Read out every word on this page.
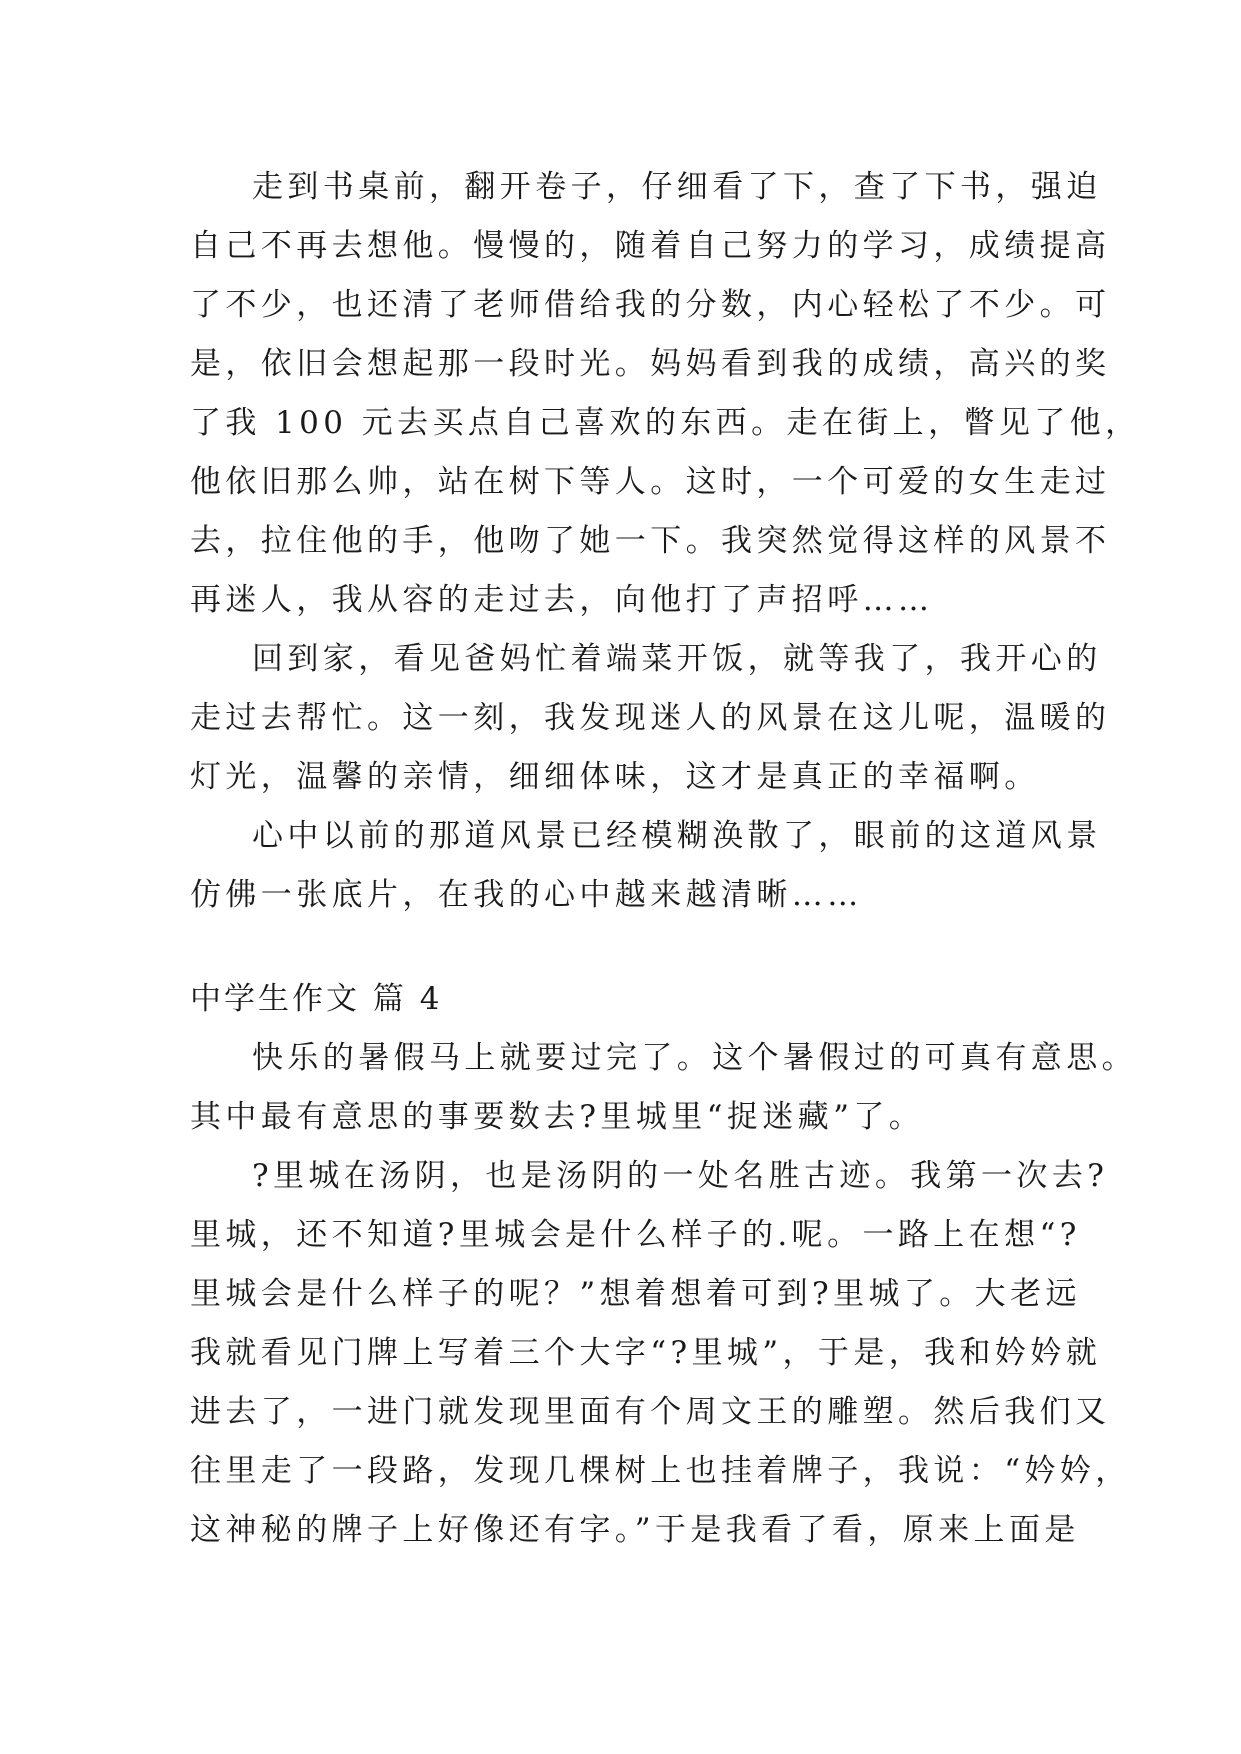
走到书桌前，翻开卷子，仔细看了下，查了下书，强迫
自己不再去想他。慢慢的，随着自己努力的学习，成绩提高
了不少，也还清了老师借给我的分数，内心轻松了不少。可
是，依旧会想起那一段时光。妈妈看到我的成绩，高兴的奖
了我 100 元去买点自己喜欢的东西。走在街上，瞥见了他，
他依旧那么帅，站在树下等人。这时，一个可爱的女生走过
去，拉住他的手，他吻了她一下。我突然觉得这样的风景不
再迷人，我从容的走过去，向他打了声招呼……
回到家，看见爸妈忙着端菜开饭，就等我了，我开心的
走过去帮忙。这一刻，我发现迷人的风景在这儿呢，温暖的
灯光，温馨的亲情，细细体味，这才是真正的幸福啊。
心中以前的那道风景已经模糊涣散了，眼前的这道风景
仿佛一张底片，在我的心中越来越清晰……
中学生作文 篇 4
快乐的暑假马上就要过完了。这个暑假过的可真有意思。
其中最有意思的事要数去?里城里“捉迷藏”了。
?里城在汤阴，也是汤阴的一处名胜古迹。我第一次去?
里城，还不知道?里城会是什么样子的.呢。一路上在想“?
里城会是什么样子的呢？”想着想着可到?里城了。大老远
我就看见门牌上写着三个大字“?里城”，于是，我和妗妗就
进去了，一进门就发现里面有个周文王的雕塑。然后我们又
往里走了一段路，发现几棵树上也挂着牌子，我说：“妗妗，
这神秘的牌子上好像还有字。”于是我看了看，原来上面是
